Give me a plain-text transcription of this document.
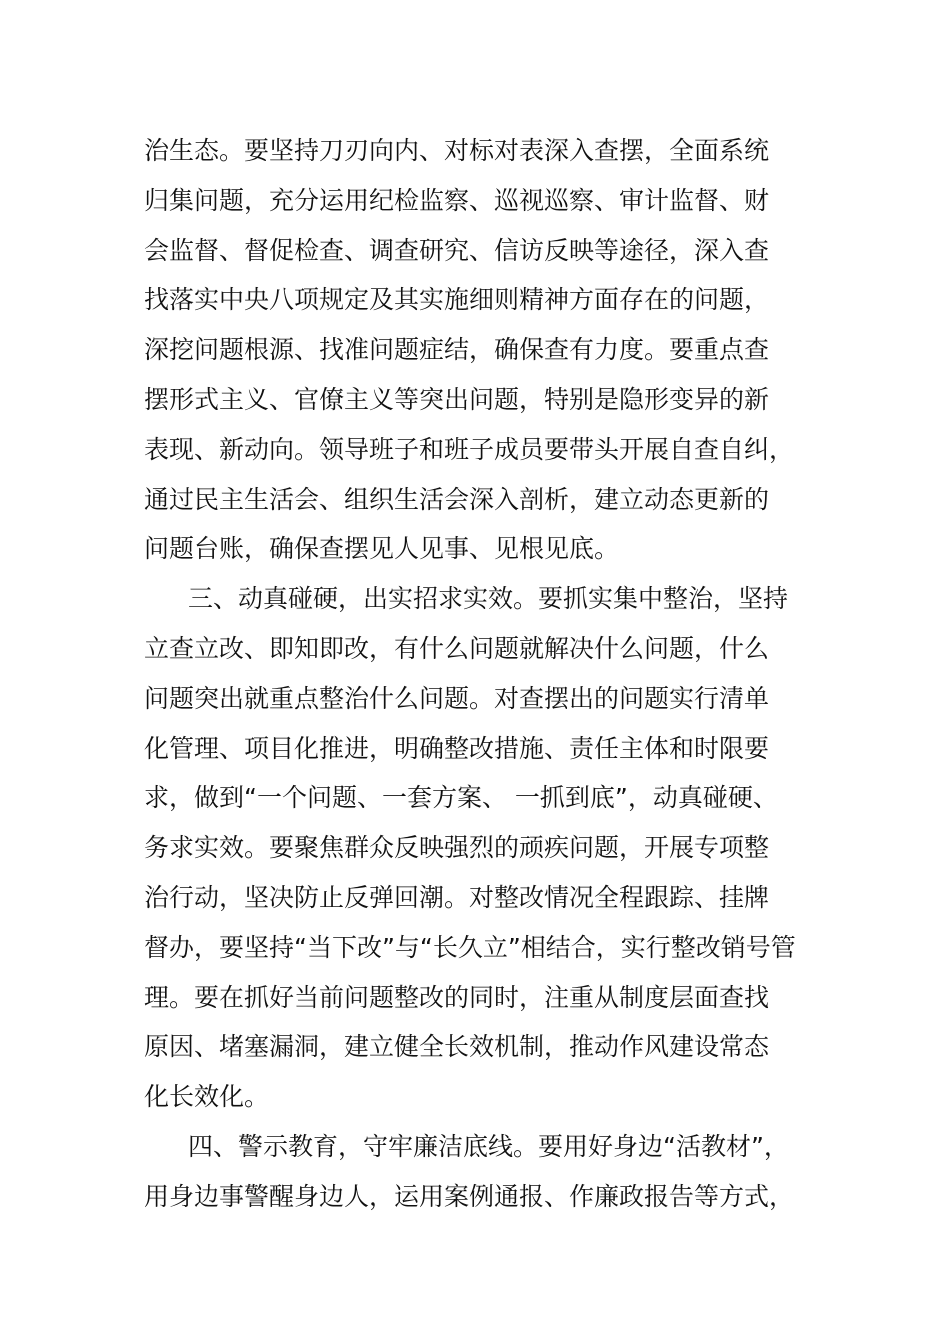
治生态。要坚持刀刃向内、对标对表深入查摆，全面系统
归集问题，充分运用纪检监察、巡视巡察、审计监督、财
会监督、督促检查、调查研究、信访反映等途径，深入查
找落实中央八项规定及其实施细则精神方面存在的问题，
深挖问题根源、找准问题症结，确保查有力度。要重点查
摆形式主义、官僚主义等突出问题，特别是隐形变异的新
表现、新动向。领导班子和班子成员要带头开展自查自纠，
通过民主生活会、组织生活会深入剖析，建立动态更新的
问题台账，确保查摆见人见事、见根见底。
三、动真碰硬，出实招求实效。要抓实集中整治，坚持
立查立改、即知即改，有什么问题就解决什么问题，什么
问题突出就重点整治什么问题。对查摆出的问题实行清单
化管理、项目化推进，明确整改措施、责任主体和时限要
求，做到“一个问题、一套方案、 一抓到底”，动真碰硬、
务求实效。要聚焦群众反映强烈的顽疾问题，开展专项整
治行动，坚决防止反弹回潮。对整改情况全程跟踪、挂牌
督办，要坚持“当下改”与“长久立”相结合，实行整改销号管
理。要在抓好当前问题整改的同时，注重从制度层面查找
原因、堵塞漏洞，建立健全长效机制，推动作风建设常态
化长效化。
四、警示教育，守牢廉洁底线。要用好身边“活教材”，
用身边事警醒身边人，运用案例通报、作廉政报告等方式，
